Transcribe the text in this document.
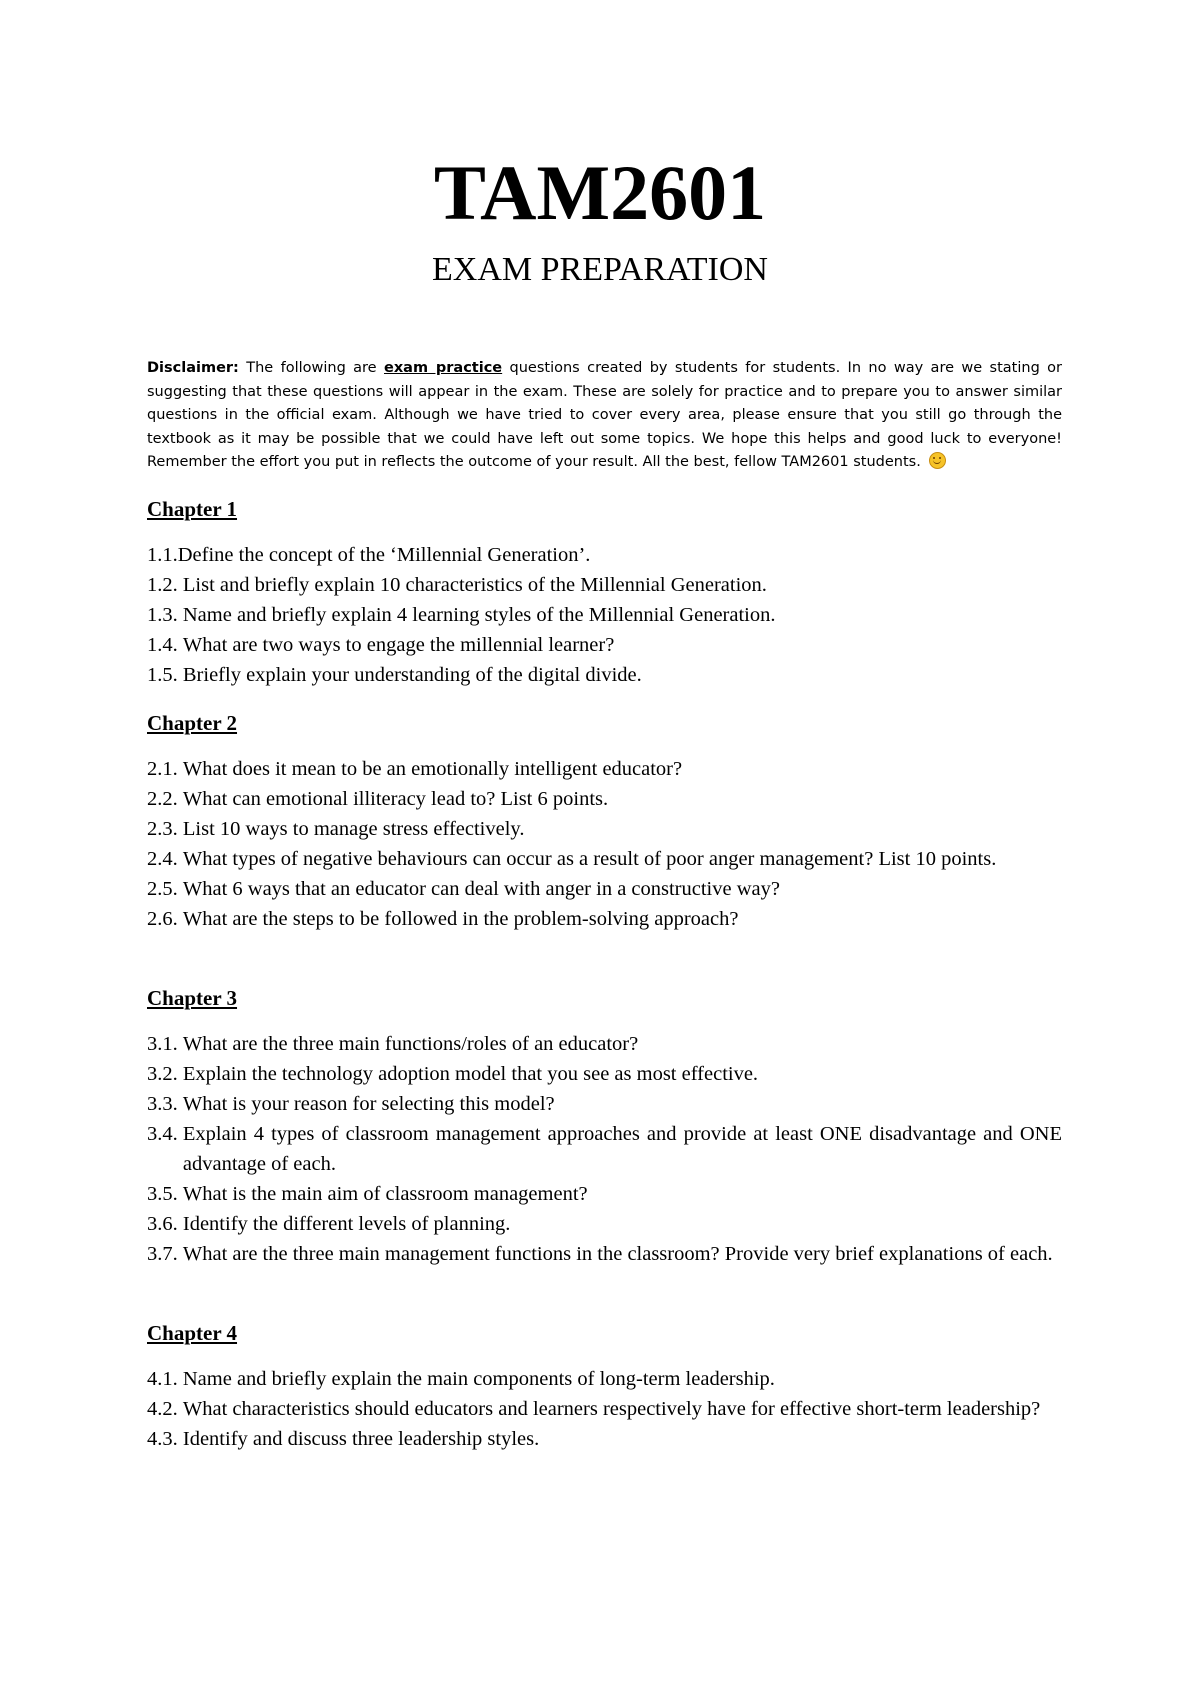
TAM2601
EXAM PREPARATION
Disclaimer: The following are exam practice questions created by students for students. In no way are we stating or suggesting that these questions will appear in the exam. These are solely for practice and to prepare you to answer similar questions in the official exam. Although we have tried to cover every area, please ensure that you still go through the textbook as it may be possible that we could have left out some topics. We hope this helps and good luck to everyone! Remember the effort you put in reflects the outcome of your result. All the best, fellow TAM2601 students.
Chapter 1
1.1. Define the concept of the ‘Millennial Generation’.
1.2. List and briefly explain 10 characteristics of the Millennial Generation.
1.3. Name and briefly explain 4 learning styles of the Millennial Generation.
1.4. What are two ways to engage the millennial learner?
1.5. Briefly explain your understanding of the digital divide.
Chapter 2
2.1. What does it mean to be an emotionally intelligent educator?
2.2. What can emotional illiteracy lead to? List 6 points.
2.3. List 10 ways to manage stress effectively.
2.4. What types of negative behaviours can occur as a result of poor anger management? List 10 points.
2.5. What 6 ways that an educator can deal with anger in a constructive way?
2.6. What are the steps to be followed in the problem-solving approach?
Chapter 3
3.1. What are the three main functions/roles of an educator?
3.2. Explain the technology adoption model that you see as most effective.
3.3. What is your reason for selecting this model?
3.4. Explain 4 types of classroom management approaches and provide at least ONE disadvantage and ONE advantage of each.
3.5. What is the main aim of classroom management?
3.6. Identify the different levels of planning.
3.7. What are the three main management functions in the classroom? Provide very brief explanations of each.
Chapter 4
4.1. Name and briefly explain the main components of long-term leadership.
4.2. What characteristics should educators and learners respectively have for effective short-term leadership?
4.3. Identify and discuss three leadership styles.
